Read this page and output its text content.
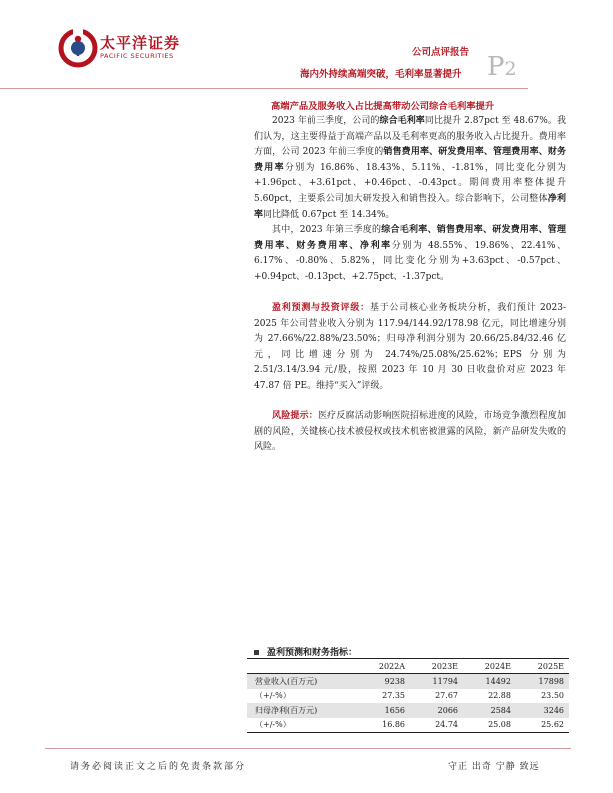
太平洋证券
PACIFIC SECURITIES	公司点评报告
海内外持续高端突破，毛利率显著提升 P2
高端产品及服务收入占比提高带动公司综合毛利率提升

2023 年前三季度，公司的综合毛利率同比提升 2.87pct 至 48.67%。我们认为，这主要得益于高端产品以及毛利率更高的服务收入占比提升。费用率方面，公司 2023 年前三季度的销售费用率、研发费用率、管理费用率、财务费用率分别为 16.86%、18.43%、5.11%、-1.81%，同比变化分别为+1.96pct、+3.61pct、+0.46pct、-0.43pct。期间费用率整体提升 5.60pct，主要系公司加大研发投入和销售投入。综合影响下，公司整体净利率同比降低 0.67pct 至 14.34%。

其中，2023 年第三季度的综合毛利率、销售费用率、研发费用率、管理费用率、财务费用率、净利率分别为 48.55%、19.86%、22.41%、6.17%、-0.80%、5.82%，同比变化分别为+3.63pct、-0.57pct、+0.94pct、-0.13pct、+2.75pct、-1.37pct。

盈利预测与投资评级：基于公司核心业务板块分析，我们预计 2023-2025 年公司营业收入分别为 117.94/144.92/178.98 亿元，同比增速分别为 27.66%/22.88%/23.50%；归母净利润分别为 20.66/25.84/32.46 亿元，同比增速分别为 24.74%/25.08%/25.62%；EPS 分别为 2.51/3.14/3.94 元/股，按照 2023 年 10 月 30 日收盘价对应 2023 年 47.87 倍 PE。维持“买入”评级。

风险提示：医疗反腐活动影响医院招标进度的风险，市场竞争激烈程度加剧的风险，关键核心技术被侵权或技术机密被泄露的风险，新产品研发失败的风险。

盈利预测和财务指标：
	2022A	2023E	2024E	2025E
营业收入(百万元)	9238	11794	14492	17898
（+/-%）	27.35	27.67	22.88	23.50
归母净利(百万元)	1656	2066	2584	3246
（+/-%）	16.86	24.74	25.08	25.62
请务必阅读正文之后的免责条款部分	守正 出奇 宁静 致远
